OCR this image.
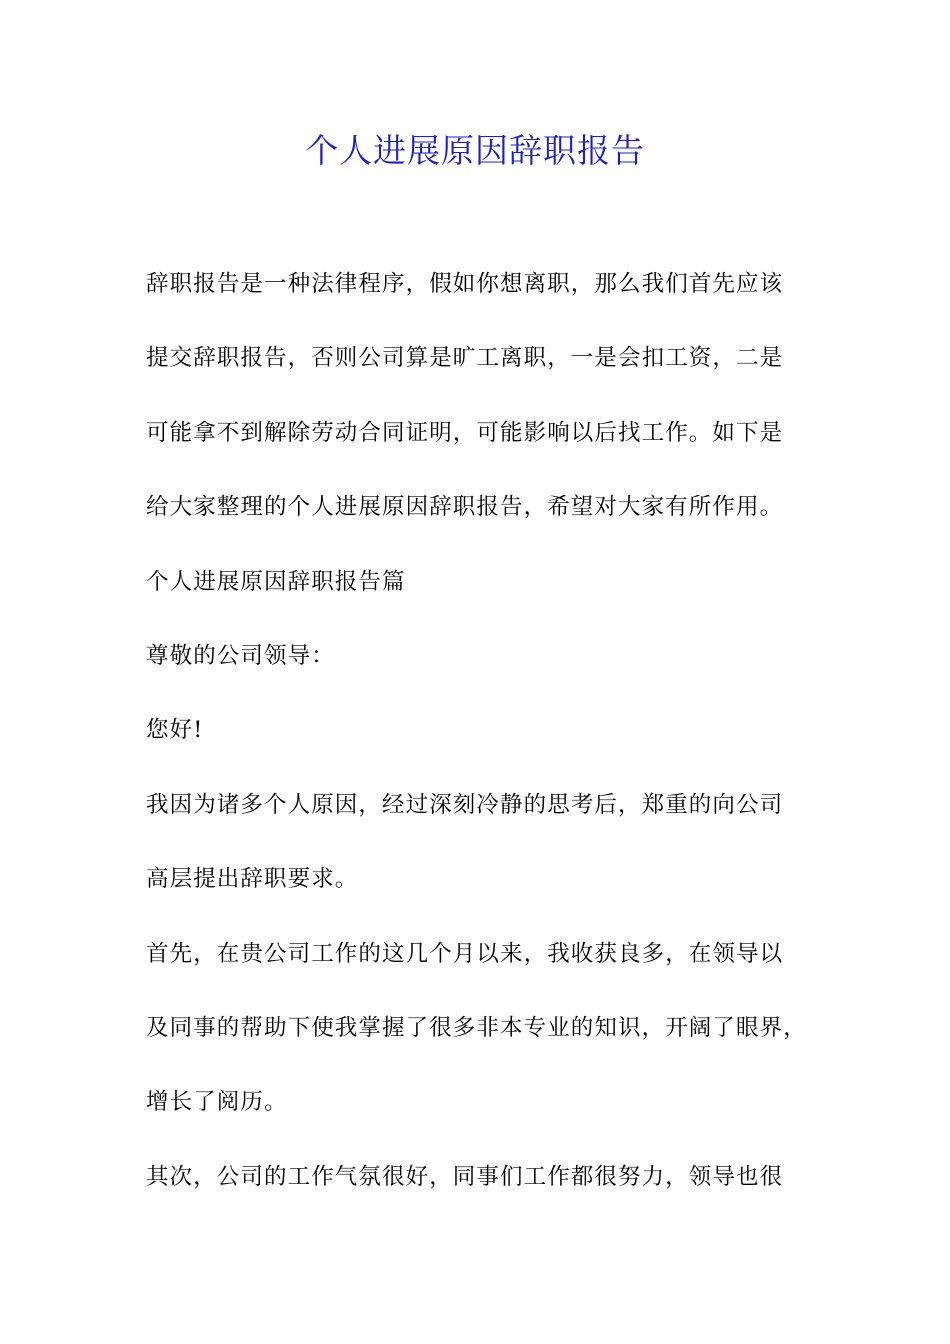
个人进展原因辞职报告
辞职报告是一种法律程序，假如你想离职，那么我们首先应该
提交辞职报告，否则公司算是旷工离职，一是会扣工资，二是
可能拿不到解除劳动合同证明，可能影响以后找工作。如下是
给大家整理的个人进展原因辞职报告，希望对大家有所作用。
个人进展原因辞职报告篇
尊敬的公司领导：
您好!
我因为诸多个人原因，经过深刻冷静的思考后，郑重的向公司
高层提出辞职要求。
首先，在贵公司工作的这几个月以来，我收获良多，在领导以
及同事的帮助下使我掌握了很多非本专业的知识，开阔了眼界，
增长了阅历。
其次，公司的工作气氛很好，同事们工作都很努力，领导也很
